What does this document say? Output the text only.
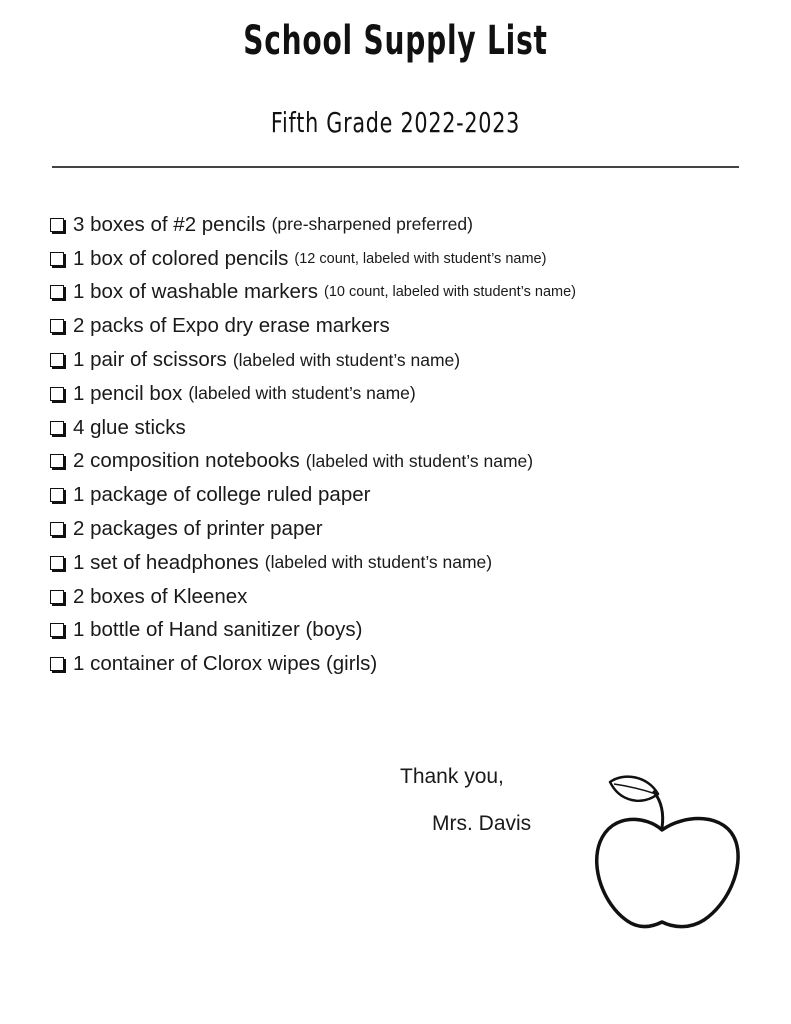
School Supply List
Fifth Grade 2022-2023
3 boxes of #2 pencils (pre-sharpened preferred)
1 box of colored pencils (12 count, labeled with student’s name)
1 box of washable markers (10 count, labeled with student’s name)
2 packs of Expo dry erase markers
1 pair of scissors (labeled with student’s name)
1 pencil box (labeled with student’s name)
4 glue sticks
2 composition notebooks (labeled with student’s name)
1 package of college ruled paper
2 packages of printer paper
1 set of headphones (labeled with student’s name)
2 boxes of Kleenex
1 bottle of Hand sanitizer (boys)
1 container of Clorox wipes (girls)
Thank you,
Mrs. Davis
